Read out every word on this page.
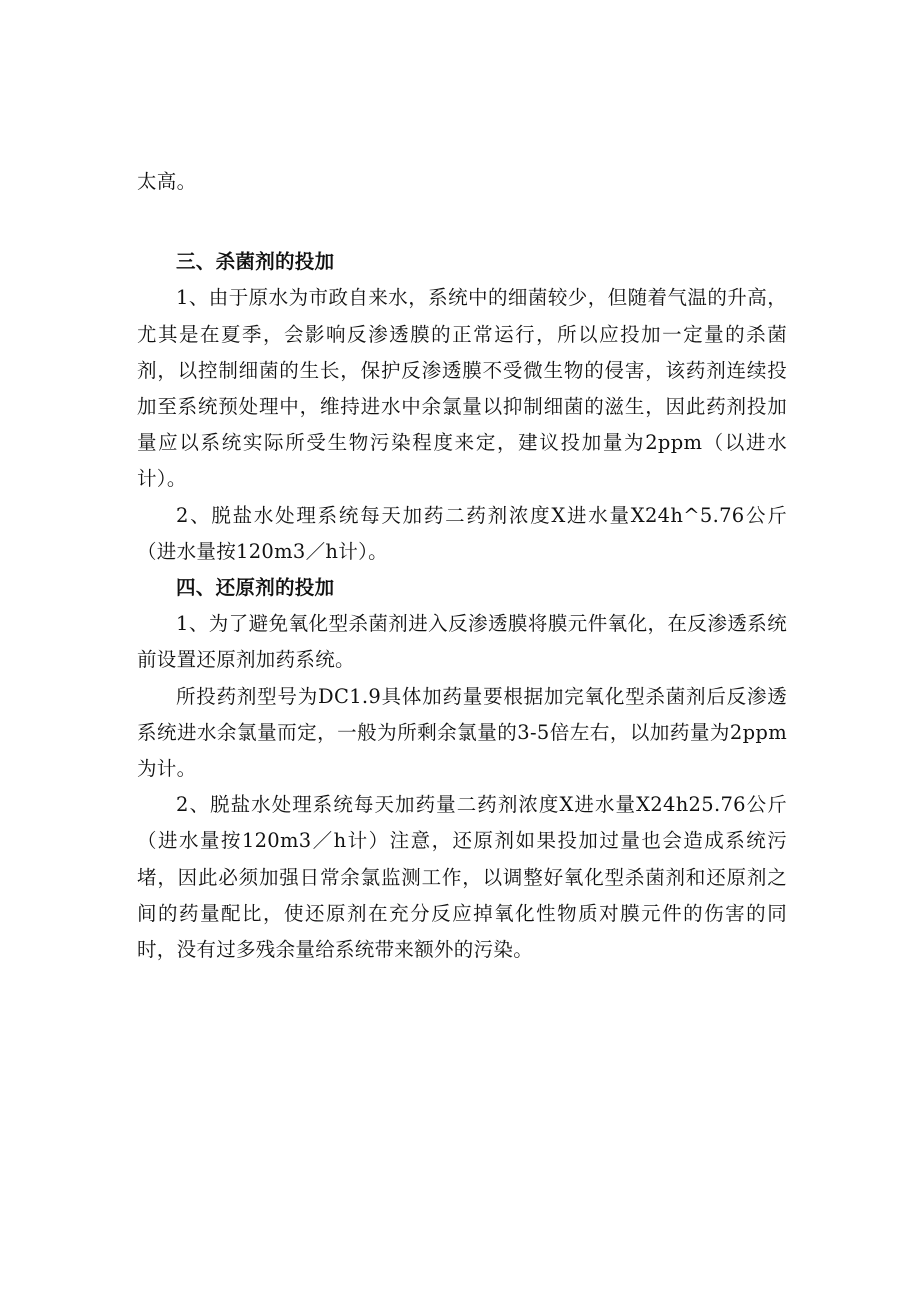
太高。

三、杀菌剂的投加

1、由于原水为市政自来水，系统中的细菌较少，但随着气温的升高，尤其是在夏季，会影响反渗透膜的正常运行，所以应投加一定量的杀菌剂，以控制细菌的生长，保护反渗透膜不受微生物的侵害，该药剂连续投加至系统预处理中，维持进水中余氯量以抑制细菌的滋生，因此药剂投加量应以系统实际所受生物污染程度来定，建议投加量为2ppm（以进水计）。

2、脱盐水处理系统每天加药二药剂浓度X进水量X24h^5.76公斤（进水量按120m3／h计）。

四、还原剂的投加

1、为了避免氧化型杀菌剂进入反渗透膜将膜元件氧化，在反渗透系统前设置还原剂加药系统。

所投药剂型号为DC1.9具体加药量要根据加完氧化型杀菌剂后反渗透系统进水余氯量而定，一般为所剩余氯量的3-5倍左右，以加药量为2ppm为计。

2、脱盐水处理系统每天加药量二药剂浓度X进水量X24h25.76公斤（进水量按120m3／h计）注意，还原剂如果投加过量也会造成系统污堵，因此必须加强日常余氯监测工作，以调整好氧化型杀菌剂和还原剂之间的药量配比，使还原剂在充分反应掉氧化性物质对膜元件的伤害的同时，没有过多残余量给系统带来额外的污染。
